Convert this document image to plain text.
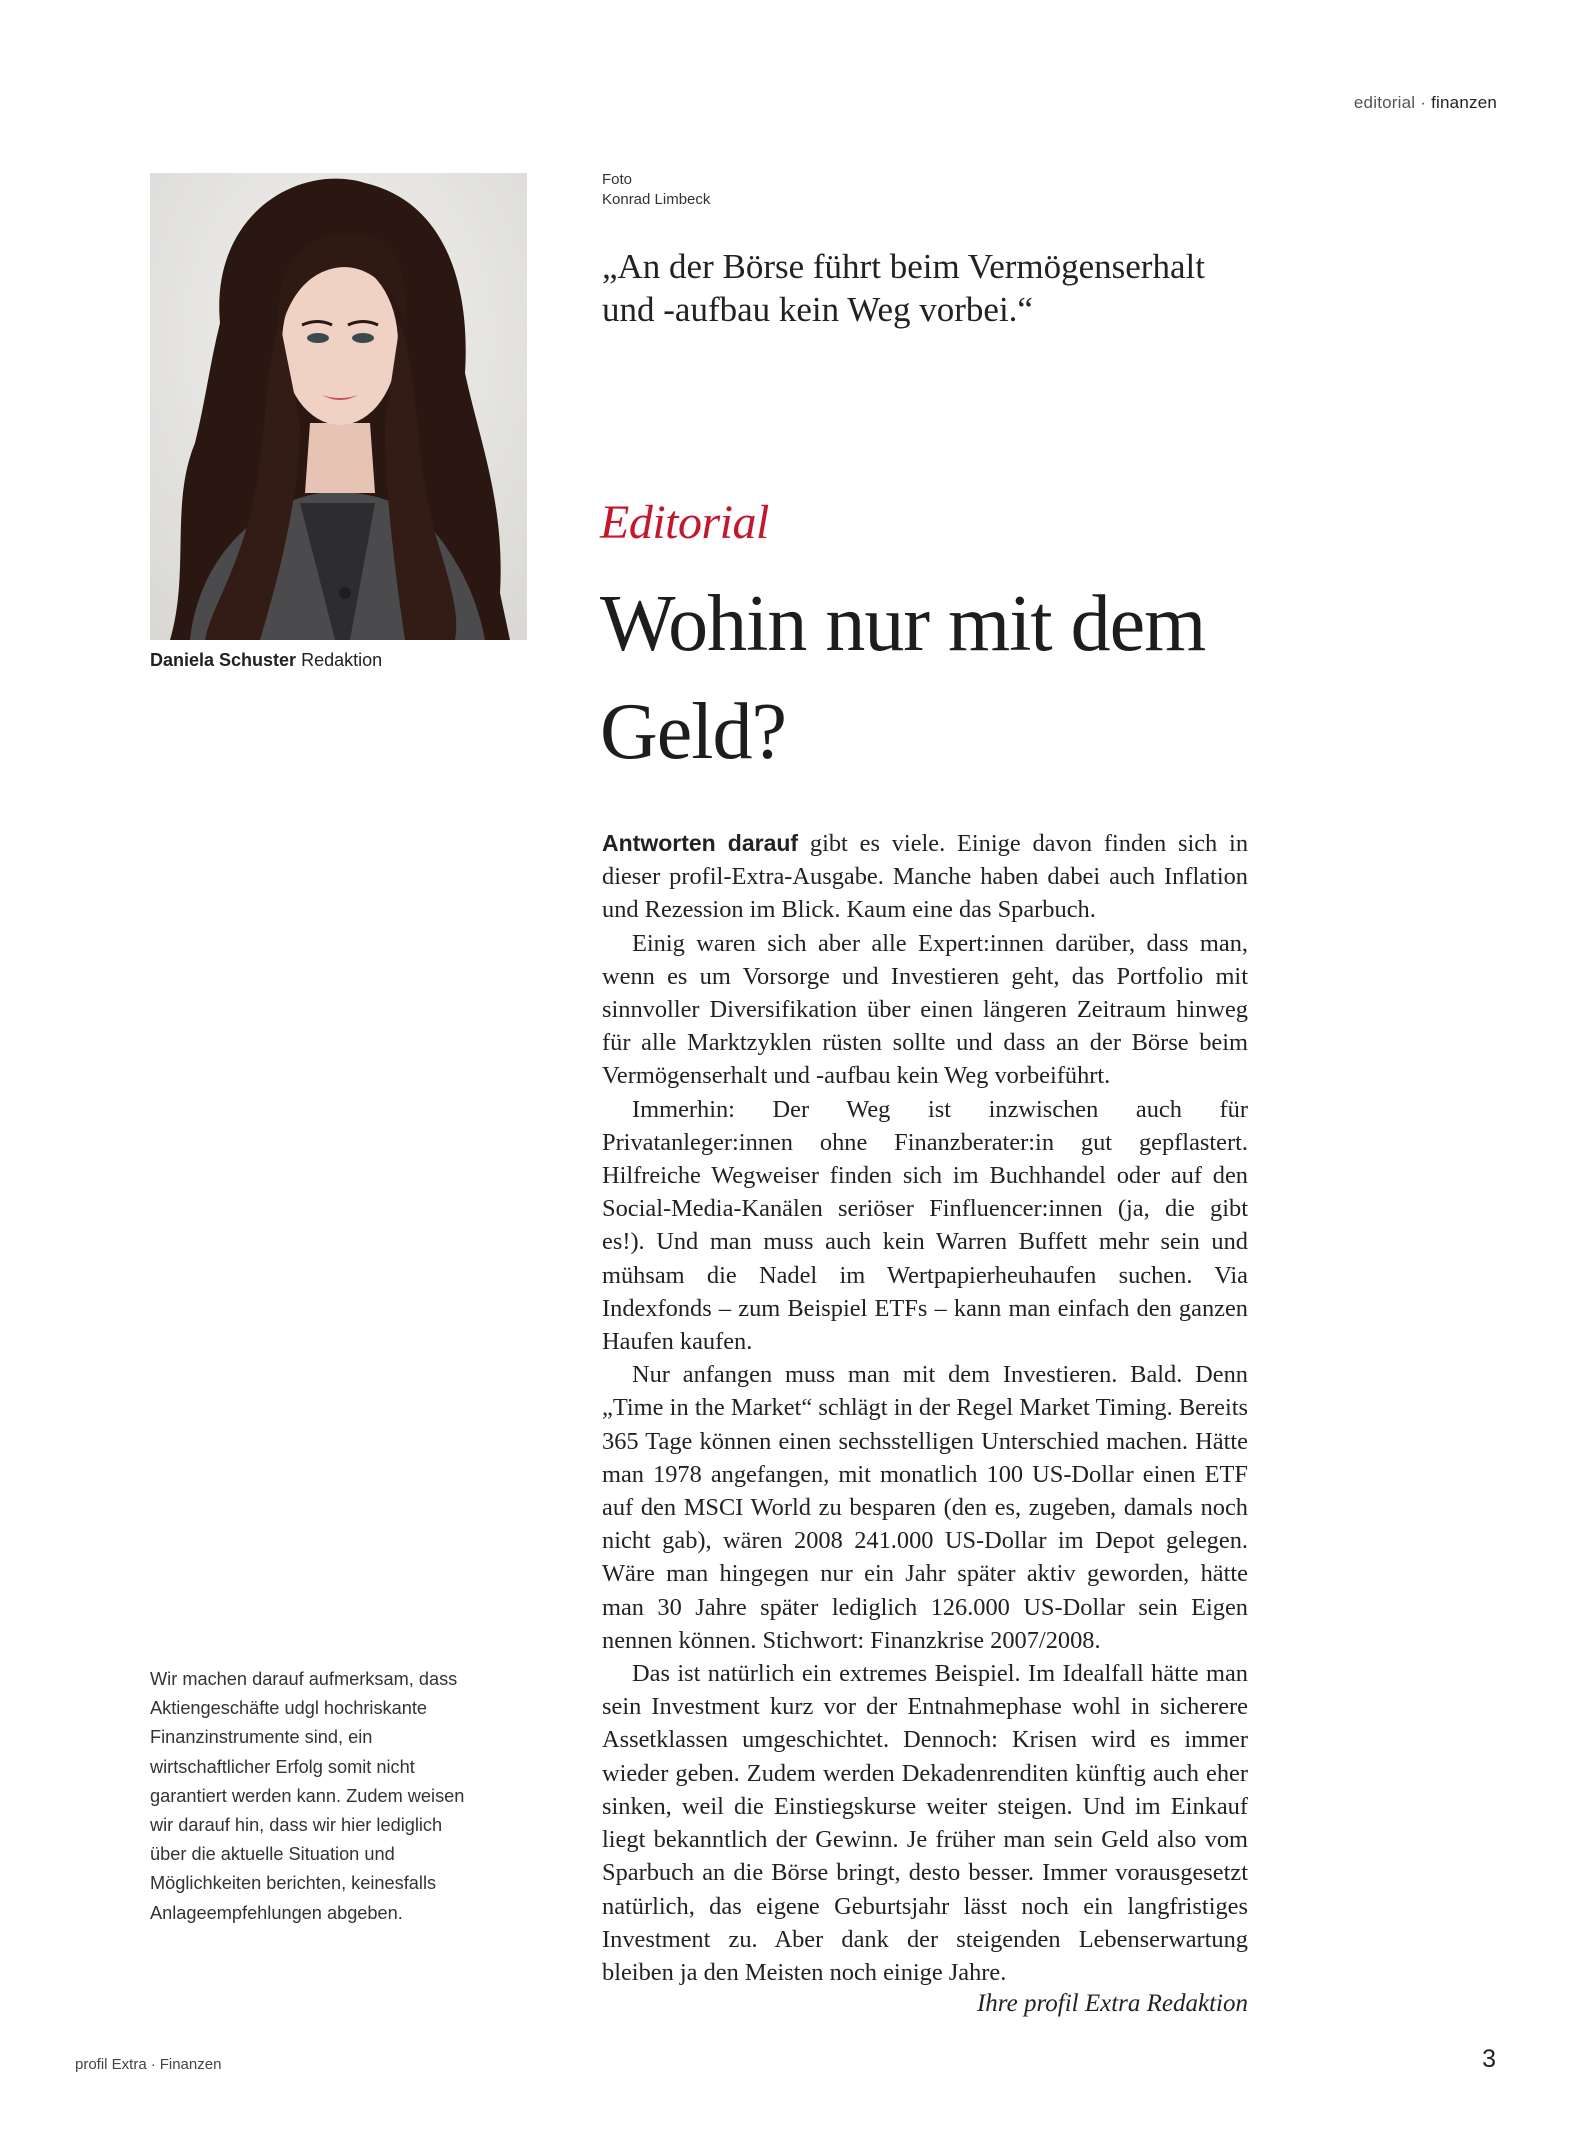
editorial · finanzen
Daniela Schuster Redaktion
Foto
Konrad Limbeck
„An der Börse führt beim Vermögenserhalt und -aufbau kein Weg vorbei.“
Editorial
Wohin nur mit dem Geld?

Antworten darauf gibt es viele. Einige davon finden sich in dieser profil-Extra-Ausgabe. Manche haben dabei auch Inflation und Rezession im Blick. Kaum eine das Sparbuch.

Einig waren sich aber alle Expert:innen darüber, dass man, wenn es um Vorsorge und Investieren geht, das Portfolio mit sinnvoller Diversifikation über einen längeren Zeitraum hinweg für alle Marktzyklen rüsten sollte und dass an der Börse beim Vermögenserhalt und -aufbau kein Weg vorbeiführt.

Immerhin: Der Weg ist inzwischen auch für Privatanleger:innen ohne Finanzberater:in gut gepflastert. Hilfreiche Wegweiser finden sich im Buchhandel oder auf den Social-Media-Kanälen seriöser Finfluencer:innen (ja, die gibt es!). Und man muss auch kein Warren Buffett mehr sein und mühsam die Nadel im Wertpapierheuhaufen suchen. Via Indexfonds – zum Beispiel ETFs – kann man einfach den ganzen Haufen kaufen.

Nur anfangen muss man mit dem Investieren. Bald. Denn „Time in the Market“ schlägt in der Regel Market Timing. Bereits 365 Tage können einen sechsstelligen Unterschied machen. Hätte man 1978 angefangen, mit monatlich 100 US-Dollar einen ETF auf den MSCI World zu besparen (den es, zugeben, damals noch nicht gab), wären 2008 241.000 US-Dollar im Depot gelegen. Wäre man hingegen nur ein Jahr später aktiv geworden, hätte man 30 Jahre später lediglich 126.000 US-Dollar sein Eigen nennen können. Stichwort: Finanzkrise 2007/2008.

Das ist natürlich ein extremes Beispiel. Im Idealfall hätte man sein Investment kurz vor der Entnahmephase wohl in sicherere Assetklassen umgeschichtet. Dennoch: Krisen wird es immer wieder geben. Zudem werden Dekadenrenditen künftig auch eher sinken, weil die Einstiegskurse weiter steigen. Und im Einkauf liegt bekanntlich der Gewinn. Je früher man sein Geld also vom Sparbuch an die Börse bringt, desto besser. Immer vorausgesetzt natürlich, das eigene Geburtsjahr lässt noch ein langfristiges Investment zu. Aber dank der steigenden Lebenserwartung bleiben ja den Meisten noch einige Jahre.

Ihre profil Extra Redaktion
Wir machen darauf aufmerksam, dass Aktiengeschäfte udgl hochriskante Finanzinstrumente sind, ein wirtschaftlicher Erfolg somit nicht garantiert werden kann. Zudem weisen wir darauf hin, dass wir hier lediglich über die aktuelle Situation und Möglichkeiten berichten, keinesfalls Anlageempfehlungen abgeben.
profil Extra · Finanzen	3
